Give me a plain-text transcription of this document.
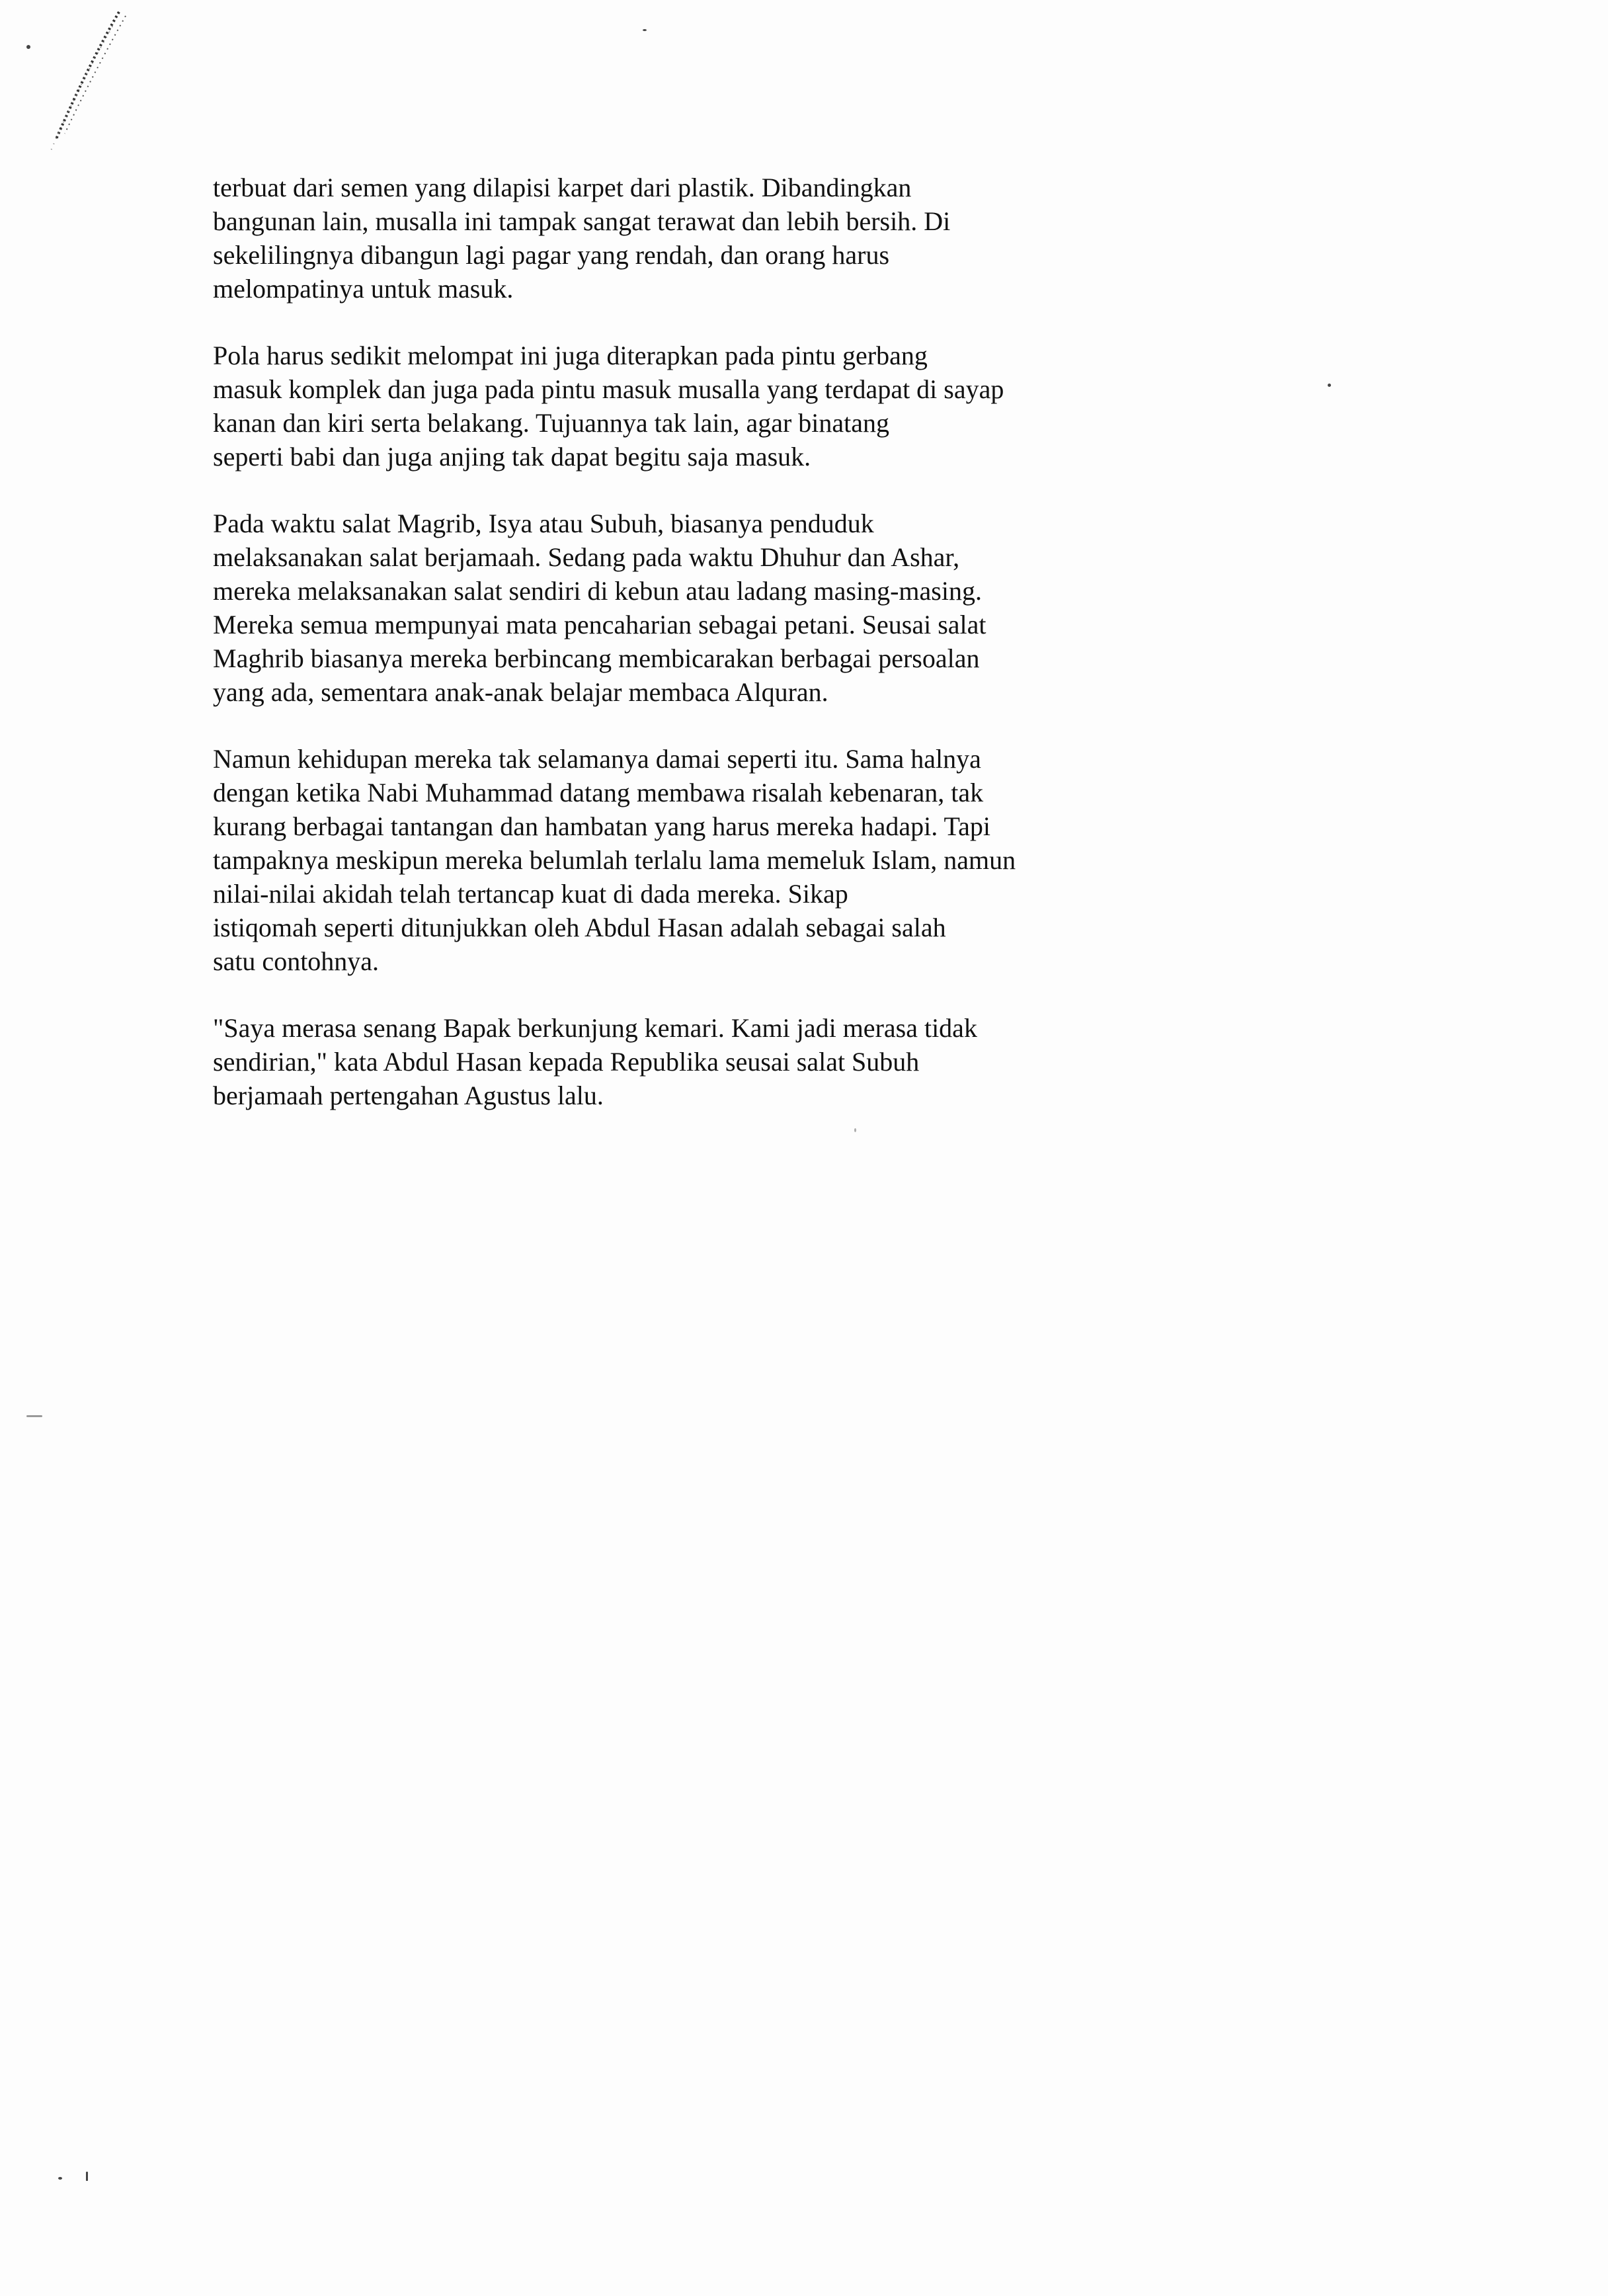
terbuat dari semen yang dilapisi karpet dari plastik. Dibandingkan
bangunan lain, musalla ini tampak sangat terawat dan lebih bersih. Di
sekelilingnya dibangun lagi pagar yang rendah, dan orang harus
melompatinya untuk masuk.

Pola harus sedikit melompat ini juga diterapkan pada pintu gerbang
masuk komplek dan juga pada pintu masuk musalla yang terdapat di sayap
kanan dan kiri serta belakang. Tujuannya tak lain, agar binatang
seperti babi dan juga anjing tak dapat begitu saja masuk.

Pada waktu salat Magrib, Isya atau Subuh, biasanya penduduk
melaksanakan salat berjamaah. Sedang pada waktu Dhuhur dan Ashar,
mereka melaksanakan salat sendiri di kebun atau ladang masing-masing.
Mereka semua mempunyai mata pencaharian sebagai petani. Seusai salat
Maghrib biasanya mereka berbincang membicarakan berbagai persoalan
yang ada, sementara anak-anak belajar membaca Alquran.

Namun kehidupan mereka tak selamanya damai seperti itu. Sama halnya
dengan ketika Nabi Muhammad datang membawa risalah kebenaran, tak
kurang berbagai tantangan dan hambatan yang harus mereka hadapi. Tapi
tampaknya meskipun mereka belumlah terlalu lama memeluk Islam, namun
nilai-nilai akidah telah tertancap kuat di dada mereka. Sikap
istiqomah seperti ditunjukkan oleh Abdul Hasan adalah sebagai salah
satu contohnya.

"Saya merasa senang Bapak berkunjung kemari. Kami jadi merasa tidak
sendirian," kata Abdul Hasan kepada Republika seusai salat Subuh
berjamaah pertengahan Agustus lalu.
